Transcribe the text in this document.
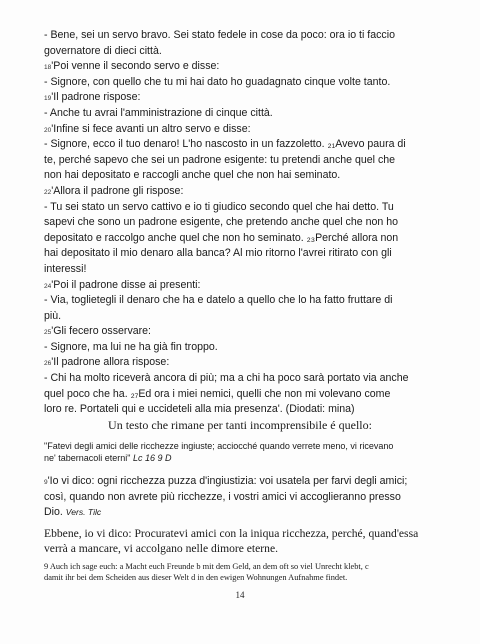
- Bene, sei un servo bravo. Sei stato fedele in cose da poco: ora io ti faccio
governatore di dieci città.
18'Poi venne il secondo servo e disse:
- Signore, con quello che tu mi hai dato ho guadagnato cinque volte tanto.
19'Il padrone rispose:
- Anche tu avrai l'amministrazione di cinque città.
20'Infine si fece avanti un altro servo e disse:
- Signore, ecco il tuo denaro! L'ho nascosto in un fazzoletto. ₂₁Avevo paura di
te, perché sapevo che sei un padrone esigente: tu pretendi anche quel che
non hai depositato e raccogli anche quel che non hai seminato.
22'Allora il padrone gli rispose:
- Tu sei stato un servo cattivo e io ti giudico secondo quel che hai detto. Tu
sapevi che sono un padrone esigente, che pretendo anche quel che non ho
depositato e raccolgo anche quel che non ho seminato. ₂₃Perché allora non
hai depositato il mio denaro alla banca? Al mio ritorno l'avrei ritirato con gli
interessi!
24'Poi il padrone disse ai presenti:
- Via, toglietegli il denaro che ha e datelo a quello che lo ha fatto fruttare di
più.
25'Gli fecero osservare:
- Signore, ma lui ne ha già fin troppo.
26'Il padrone allora rispose:
- Chi ha molto riceverà ancora di più; ma a chi ha poco sarà portato via anche
quel poco che ha. ₂₇Ed ora i miei nemici, quelli che non mi volevano come
loro re. Portateli qui e uccideteli alla mia presenza'. (Diodati: mina)
Un testo che rimane per tanti incomprensibile é quello:
"Fatevi degli amici delle ricchezze ingiuste; acciocché quando verrete meno, vi ricevano
ne' tabernacoli eterni" Lc 16 9 D
9'Io vi dico: ogni ricchezza puzza d'ingiustizia: voi usatela per farvi degli amici;
così, quando non avrete più ricchezze, i vostri amici vi accoglieranno presso
Dio. Vers. Tilc
Ebbene, io vi dico: Procuratevi amici con la iniqua ricchezza, perché, quand'essa
verrà a mancare, vi accolgano nelle dimore eterne.
9 Auch ich sage euch: a Macht euch Freunde b mit dem Geld, an dem oft so viel Unrecht klebt, c
damit ihr bei dem Scheiden aus dieser Welt d in den ewigen Wohnungen Aufnahme findet.
14
